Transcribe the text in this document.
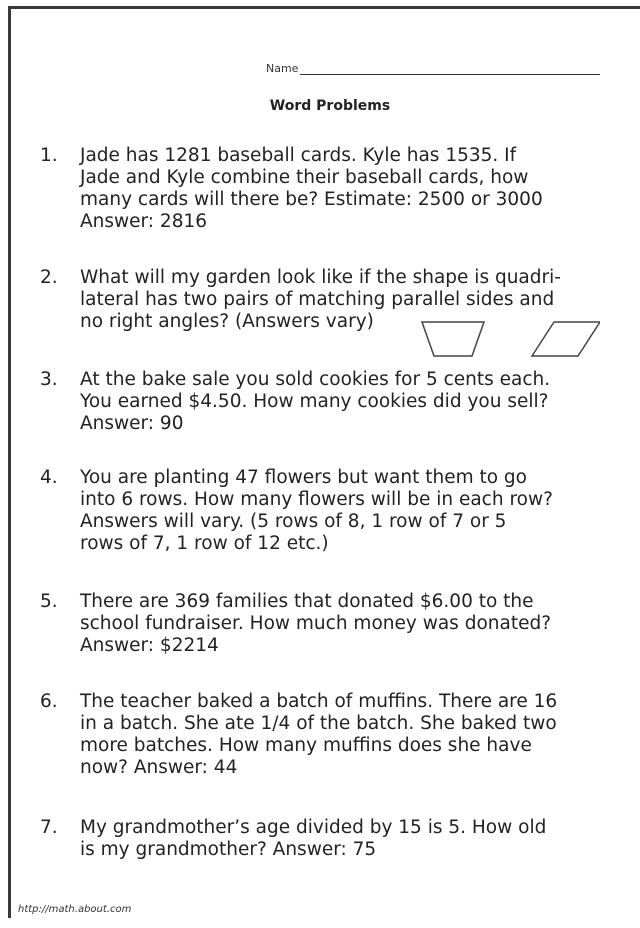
Name
Word Problems
1.	Jade has 1281 baseball cards. Kyle has 1535. If
Jade and Kyle combine their baseball cards, how
many cards will there be? Estimate: 2500 or 3000
Answer: 2816
2.	What will my garden look like if the shape is quadri-
lateral has two pairs of matching parallel sides and
no right angles? (Answers vary)
3.	At the bake sale you sold cookies for 5 cents each.
You earned $4.50. How many cookies did you sell?
Answer: 90
4.	You are planting 47 flowers but want them to go
into 6 rows. How many flowers will be in each row?
Answers will vary. (5 rows of 8, 1 row of 7 or 5
rows of 7, 1 row of 12 etc.)
5.	There are 369 families that donated $6.00 to the
school fundraiser. How much money was donated?
Answer: $2214
6.	The teacher baked a batch of muffins. There are 16
in a batch. She ate 1/4 of the batch. She baked two
more batches. How many muffins does she have
now? Answer: 44
7.	My grandmother’s age divided by 15 is 5. How old
is my grandmother? Answer: 75
http://math.about.com
